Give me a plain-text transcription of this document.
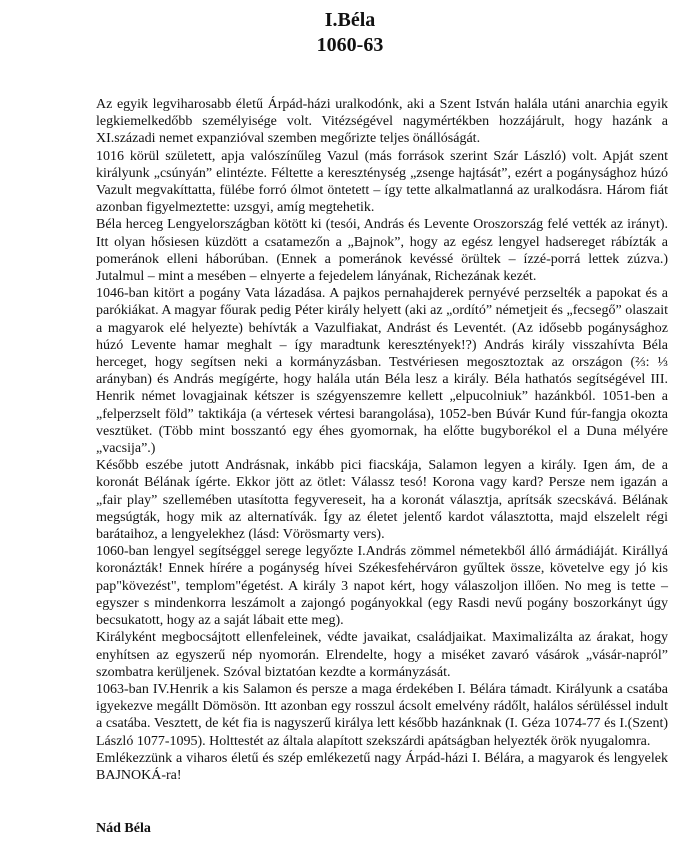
I.Béla
1060-63

Az egyik legviharosabb életű Árpád-házi uralkodónk, aki a Szent István halála utáni anarchia egyik legkiemelkedőbb személyisége volt. Vitézségével nagymértékben hozzájárult, hogy hazánk a XI.századi nemet expanzióval szemben megőrizte teljes önállóságát.

1016 körül született, apja valószínűleg Vazul (más források szerint Szár László) volt. Apját szent királyunk „csúnyán” elintézte. Féltette a kereszténység „zsenge hajtását”, ezért a pogánysághoz húzó Vazult megvakíttatta, fülébe forró ólmot öntetett – így tette alkalmatlanná az uralkodásra. Három fiát azonban figyelmeztette: uzsgyi, amíg megtehetik.

Béla herceg Lengyelországban kötött ki (tesói, András és Levente Oroszország felé vették az irányt). Itt olyan hősiesen küzdött a csatamezőn a „Bajnok”, hogy az egész lengyel hadsereget rábízták a pomeránok elleni háborúban. (Ennek a pomeránok kevéssé örültek – ízzé-porrá lettek zúzva.) Jutalmul – mint a mesében – elnyerte a fejedelem lányának, Richezának kezét.

1046-ban kitört a pogány Vata lázadása. A pajkos pernahajderek pernyévé perzselték a papokat és a parókiákat. A magyar főurak pedig Péter király helyett (aki az „ordító” németjeit és „fecsegő” olaszait a magyarok elé helyezte) behívták a Vazulfiakat, Andrást és Leventét. (Az idősebb pogánysághoz húzó Levente hamar meghalt – így maradtunk keresztények!?) András király visszahívta Béla herceget, hogy segítsen neki a kormányzásban. Testvériesen megosztoztak az országon (⅔: ⅓ arányban) és András megígérte, hogy halála után Béla lesz a király. Béla hathatós segítségével III. Henrik német lovagjainak kétszer is szégyenszemre kellett „elpucolniuk” hazánkból. 1051-ben a „felperzselt föld” taktikája (a vértesek vértesi barangolása), 1052-ben Búvár Kund fúr-fangja okozta vesztüket. (Több mint bosszantó egy éhes gyomornak, ha előtte bugyborékol el a Duna mélyére „vacsija”.)

Később eszébe jutott Andrásnak, inkább pici fiacskája, Salamon legyen a király. Igen ám, de a koronát Bélának ígérte. Ekkor jött az ötlet: Válassz tesó! Korona vagy kard? Persze nem igazán a „fair play” szellemében utasította fegyvereseit, ha a koronát választja, aprítsák szecskává. Bélának megsúgták, hogy mik az alternatívák. Így az életet jelentő kardot választotta, majd elszelelt régi barátaihoz, a lengyelekhez (lásd: Vörösmarty vers).

1060-ban lengyel segítséggel serege legyőzte I.András zömmel németekből álló ármádiáját. Királlyá koronázták! Ennek hírére a pogánység hívei Székesfehérváron gyűltek össze, követelve egy jó kis pap"kövezést", templom"égetést. A király 3 napot kért, hogy válaszoljon illően. No meg is tette – egyszer s mindenkorra leszámolt a zajongó pogányokkal (egy Rasdi nevű pogány boszorkányt úgy becsukatott, hogy az a saját lábait ette meg).

Királyként megbocsájtott ellenfeleinek, védte javaikat, családjaikat. Maximalizálta az árakat, hogy enyhítsen az egyszerű nép nyomorán. Elrendelte, hogy a miséket zavaró vásárok „vásár-napról” szombatra kerüljenek. Szóval biztatóan kezdte a kormányzását.

1063-ban IV.Henrik a kis Salamon és persze a maga érdekében I. Bélára támadt. Királyunk a csatába igyekezve megállt Dömösön. Itt azonban egy rosszul ácsolt emelvény rádőlt, halálos sérüléssel indult a csatába. Vesztett, de két fia is nagyszerű királya lett később hazánknak (I. Géza 1074-77 és I.(Szent) László 1077-1095). Holttestét az általa alapított szekszárdi apátságban helyezték örök nyugalomra.

Emlékezzünk a viharos életű és szép emlékezetű nagy Árpád-házi I. Bélára, a magyarok és lengyelek BAJNOKÁ-ra!

Nád Béla
